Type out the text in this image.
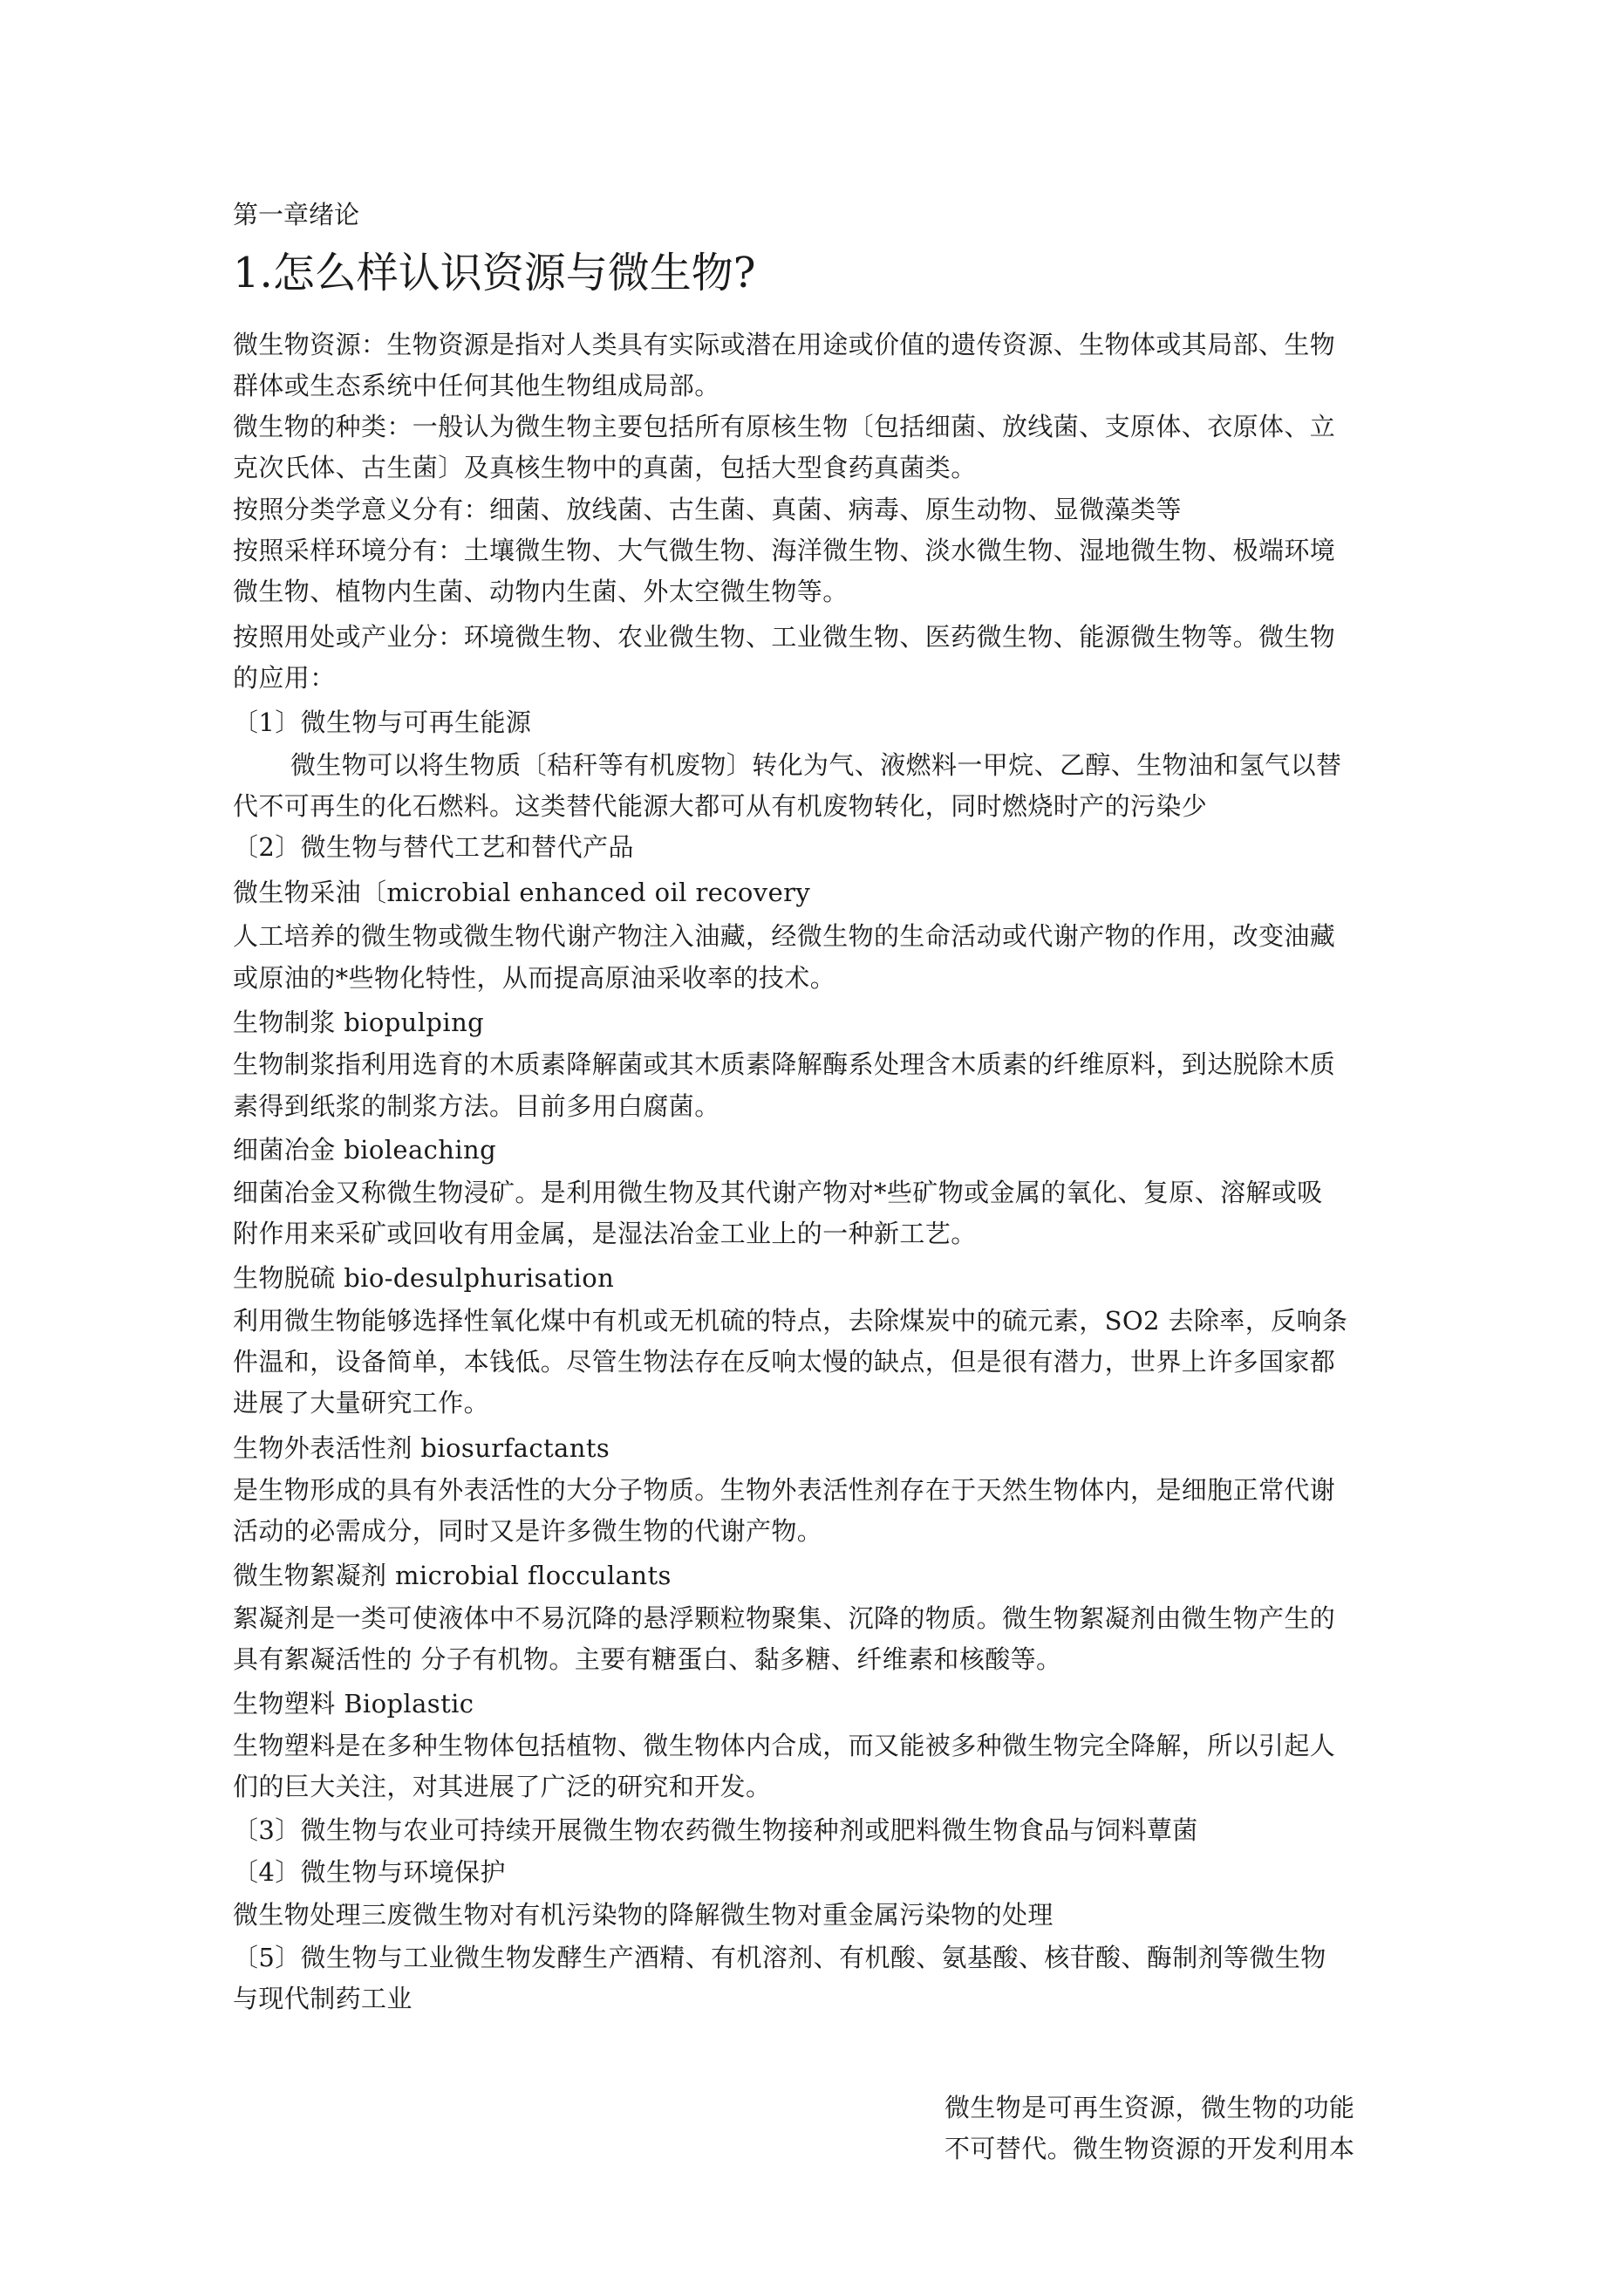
第一章绪论
1.怎么样认识资源与微生物?
微生物资源：生物资源是指对人类具有实际或潜在用途或价值的遗传资源、生物体或其局部、生物
群体或生态系统中任何其他生物组成局部。
微生物的种类：一般认为微生物主要包括所有原核生物〔包括细菌、放线菌、支原体、衣原体、立
克次氏体、古生菌〕及真核生物中的真菌，包括大型食药真菌类。
按照分类学意义分有：细菌、放线菌、古生菌、真菌、病毒、原生动物、显微藻类等
按照采样环境分有：土壤微生物、大气微生物、海洋微生物、淡水微生物、湿地微生物、极端环境
微生物、植物内生菌、动物内生菌、外太空微生物等。
按照用处或产业分：环境微生物、农业微生物、工业微生物、医药微生物、能源微生物等。微生物
的应用：
〔1〕微生物与可再生能源
微生物可以将生物质〔秸秆等有机废物〕转化为气、液燃料一甲烷、乙醇、生物油和氢气以替
代不可再生的化石燃料。这类替代能源大都可从有机废物转化，同时燃烧时产的污染少
〔2〕微生物与替代工艺和替代产品
微生物采油〔microbial enhanced oil recovery
人工培养的微生物或微生物代谢产物注入油藏，经微生物的生命活动或代谢产物的作用，改变油藏
或原油的*些物化特性，从而提高原油采收率的技术。
生物制浆 biopulping
生物制浆指利用选育的木质素降解菌或其木质素降解酶系处理含木质素的纤维原料，到达脱除木质
素得到纸浆的制浆方法。目前多用白腐菌。
细菌冶金 bioleaching
细菌冶金又称微生物浸矿。是利用微生物及其代谢产物对*些矿物或金属的氧化、复原、溶解或吸
附作用来采矿或回收有用金属，是湿法冶金工业上的一种新工艺。
生物脱硫 bio-desulphurisation
利用微生物能够选择性氧化煤中有机或无机硫的特点，去除煤炭中的硫元素，SO2 去除率，反响条
件温和，设备简单，本钱低。尽管生物法存在反响太慢的缺点，但是很有潜力，世界上许多国家都
进展了大量研究工作。
生物外表活性剂 biosurfactants
是生物形成的具有外表活性的大分子物质。生物外表活性剂存在于天然生物体内，是细胞正常代谢
活动的必需成分，同时又是许多微生物的代谢产物。
微生物絮凝剂 microbial flocculants
絮凝剂是一类可使液体中不易沉降的悬浮颗粒物聚集、沉降的物质。微生物絮凝剂由微生物产生的
具有絮凝活性的 分子有机物。主要有糖蛋白、黏多糖、纤维素和核酸等。
生物塑料 Bioplastic
生物塑料是在多种生物体包括植物、微生物体内合成，而又能被多种微生物完全降解，所以引起人
们的巨大关注，对其进展了广泛的研究和开发。
〔3〕微生物与农业可持续开展微生物农药微生物接种剂或肥料微生物食品与饲料蕈菌
〔4〕微生物与环境保护
微生物处理三废微生物对有机污染物的降解微生物对重金属污染物的处理
〔5〕微生物与工业微生物发酵生产酒精、有机溶剂、有机酸、氨基酸、核苷酸、酶制剂等微生物
与现代制药工业
微生物是可再生资源，微生物的功能
不可替代。微生物资源的开发利用本
